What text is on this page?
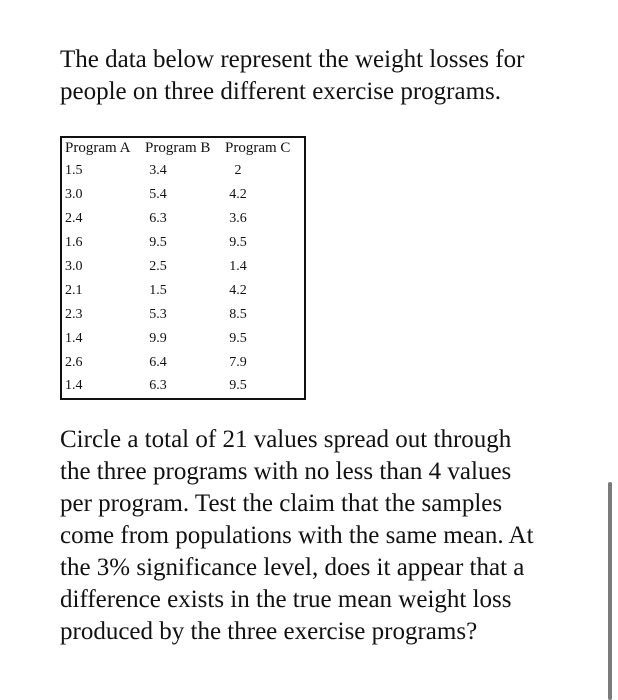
The data below represent the weight losses for
people on three different exercise programs.
Program A Program B Program C
1.5	3.4	2
3.0	5.4	4.2
2.4	6.3	3.6
1.6	9.5	9.5
3.0	2.5	1.4
2.1	1.5	4.2
2.3	5.3	8.5
1.4	9.9	9.5
2.6	6.4	7.9
1.4	6.3	9.5

Circle a total of 21 values spread out through
the three programs with no less than 4 values
per program. Test the claim that the samples
come from populations with the same mean. At
the 3% significance level, does it appear that a
difference exists in the true mean weight loss
produced by the three exercise programs?
